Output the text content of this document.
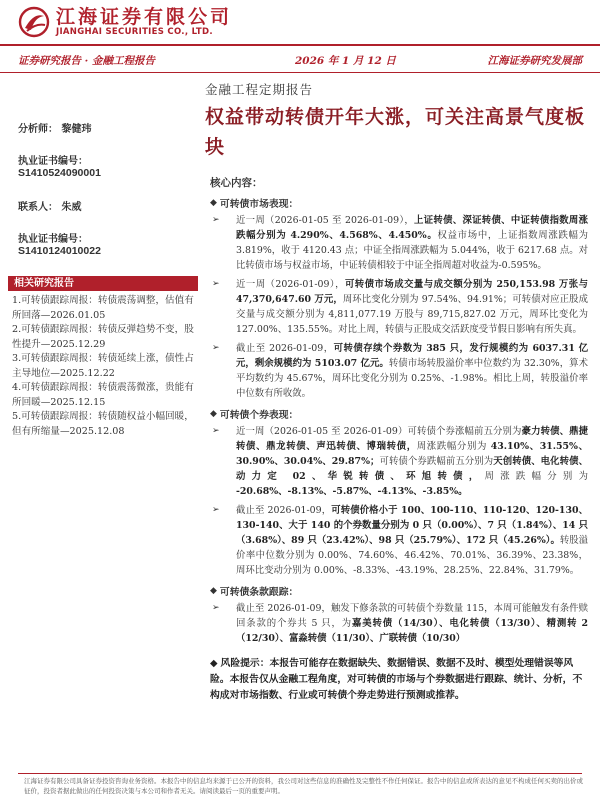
江海证券有限公司
JIANGHAI SECURITIES CO., LTD.
证券研究报告 · 金融工程报告	2026 年 1 月 12 日	江海证券研究发展部
分析师： 黎健玮
执业证书编号：
S1410524090001
联系人： 朱威
执业证书编号：
S1410124010022
相关研究报告
1.可转债跟踪周报：转债震荡调整，估值有所回落—2026.01.05
2.可转债跟踪周报：转债反弹趋势不变，股性提升—2025.12.29
3.可转债跟踪周报：转债延续上涨，债性占主导地位—2025.12.22
4.可转债跟踪周报：转债震荡微涨，贵能有所回暖—2025.12.15
5.可转债跟踪周报：转债随权益小幅回暖，但有所缩量—2025.12.08
金融工程定期报告
权益带动转债开年大涨，可关注高景气度板块
核心内容：
◆ 可转债市场表现：
➢ 近一周（2026-01-05 至 2026-01-09），上证转债、深证转债、中证转债指数周涨跌幅分别为 4.290%、4.568%、4.450%。权益市场中，上证指数周涨跌幅为 3.819%，收于 4120.43 点；中证全指周涨跌幅为 5.044%，收于 6217.68 点。对比转债市场与权益市场，中证转债相较于中证全指周超对收益为-0.595%。
➢ 近一周（2026-01-09），可转债市场成交量与成交额分别为 250,153.98 万张与 47,370,647.60 万元，周环比变化分别为 97.54%、94.91%；可转债对应正股成交量与成交额分别为 4,811,077.19 万股与 89,715,827.02 万元，周环比变化为 127.00%、135.55%。对比上周，转债与正股成交活跃度受节假日影响有所失真。
➢ 截止至 2026-01-09，可转债存续个券数为 385 只，发行规模约为 6037.31 亿元，剩余规模约为 5103.07 亿元。转债市场转股溢价率中位数约为 32.30%，算术平均数约为 45.67%，周环比变化分别为 0.25%、-1.98%。相比上周，转股溢价率中位数有所收敛。
◆ 可转债个券表现：
➢ 近一周（2026-01-05 至 2026-01-09）可转债个券涨幅前五分别为豪力转债、鼎捷转债、鼎龙转债、声迅转债、博瑞转债，周涨跌幅分别为 43.10%、31.55%、30.90%、30.04%、29.87%；可转债个券跌幅前五分别为天创转债、电化转债、动力定 02、华锐转债、环旭转债，周涨跌幅分别为 -20.68%、-8.13%、-5.87%、-4.13%、-3.85%。
➢ 截止至 2026-01-09，可转债价格小于 100、100-110、110-120、120-130、130-140、大于 140 的个券数量分别为 0 只（0.00%）、7 只（1.84%）、14 只（3.68%）、89 只（23.42%）、98 只（25.79%）、172 只（45.26%）。转股溢价率中位数分别为 0.00%、74.60%、46.42%、70.01%、36.39%、23.38%，周环比变动分别为 0.00%、-8.33%、-43.19%、28.25%、22.84%、31.79%。
◆ 可转债条款跟踪：
➢ 截止至 2026-01-09，触发下修条款的可转债个券数量 115，本周可能触发有条件赎回条款的个券共 5 只，为嘉美转债（14/30）、电化转债（13/30）、精测转 2（12/30）、富淼转债（11/30）、广联转债（10/30）
◆ 风险提示：本报告可能存在数据缺失、数据错误、数据不及时、模型处理错误等风险。本报告仅从金融工程角度，对可转债的市场与个券数据进行跟踪、统计、分析，不构成对市场指数、行业或可转债个券走势进行预测或推荐。
江海证券有限公司具备证券投资咨询业务资格。本报告中的信息均来源于已公开的资料，我公司对这些信息的准确性及完整性不作任何保证。报告中的信息或所表达的意见不构成任何买卖的出价或征价，投资者据此做出的任何投资决策与本公司和作者无关。请阅读最后一页的重要声明。
